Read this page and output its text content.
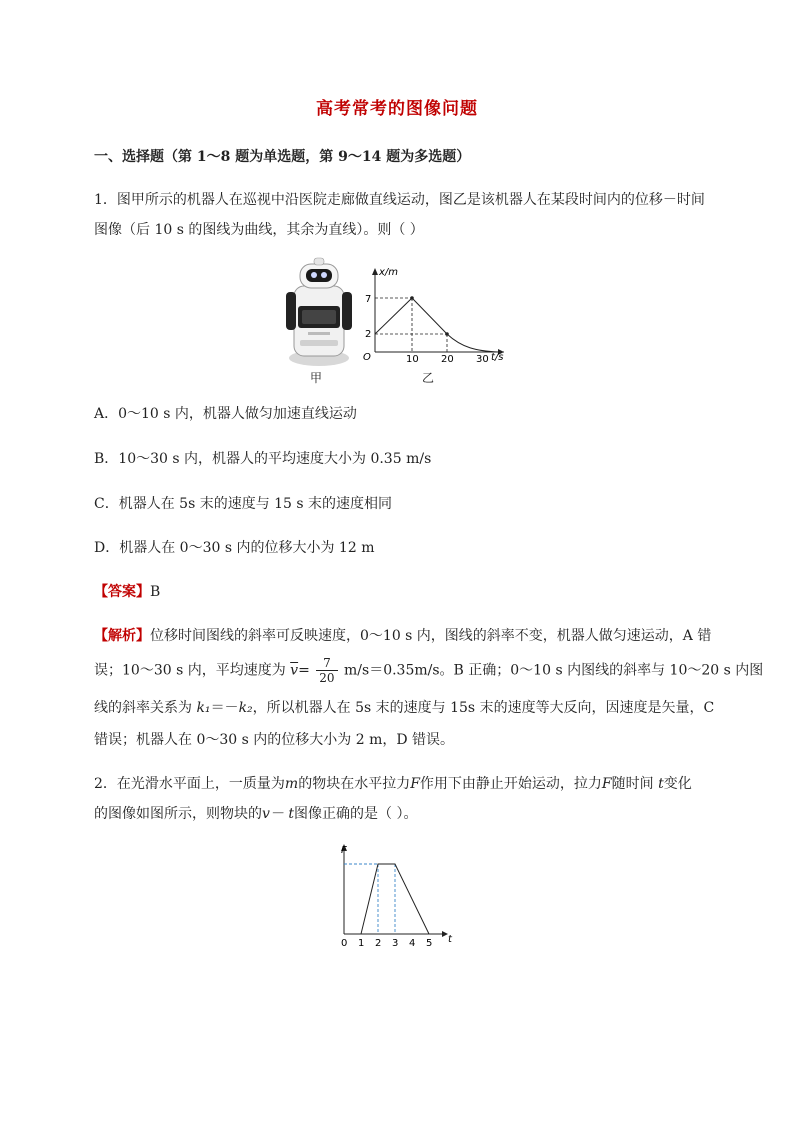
高考常考的图像问题
一、选择题（第 1～8 题为单选题，第 9～14 题为多选题）
1．图甲所示的机器人在巡视中沿医院走廊做直线运动，图乙是该机器人在某段时间内的位移－时间
图像（后 10 s 的图线为曲线，其余为直线）。则（ ）
甲
x/m
t/s
O
7
2
10 20 30
乙
A．0～10 s 内，机器人做匀加速直线运动
B．10～30 s 内，机器人的平均速度大小为 0.35 m/s
C．机器人在 5s 末的速度与 15 s 末的速度相同
D．机器人在 0～30 s 内的位移大小为 12 m
【答案】B
【解析】位移时间图线的斜率可反映速度，0～10 s 内，图线的斜率不变，机器人做匀速运动，A 错
误；10～30 s 内，平均速度为 $\overline{v}= \frac{7}{20} m/s=0.35m/s$。B 正确；0～10 s 内图线的斜率与 10～20 s 内图
线的斜率关系为 k₁＝－k₂，所以机器人在 5s 末的速度与 15s 末的速度等大反向，因速度是矢量，C
错误；机器人在 0～30 s 内的位移大小为 2 m，D 错误。
2．在光滑水平面上，一质量为m的物块在水平拉力F作用下由静止开始运动，拉力F随时间 t变化
的图像如图所示，则物块的v－ t图像正确的是（ ）。
F
t
0 1 2 3 4 5
